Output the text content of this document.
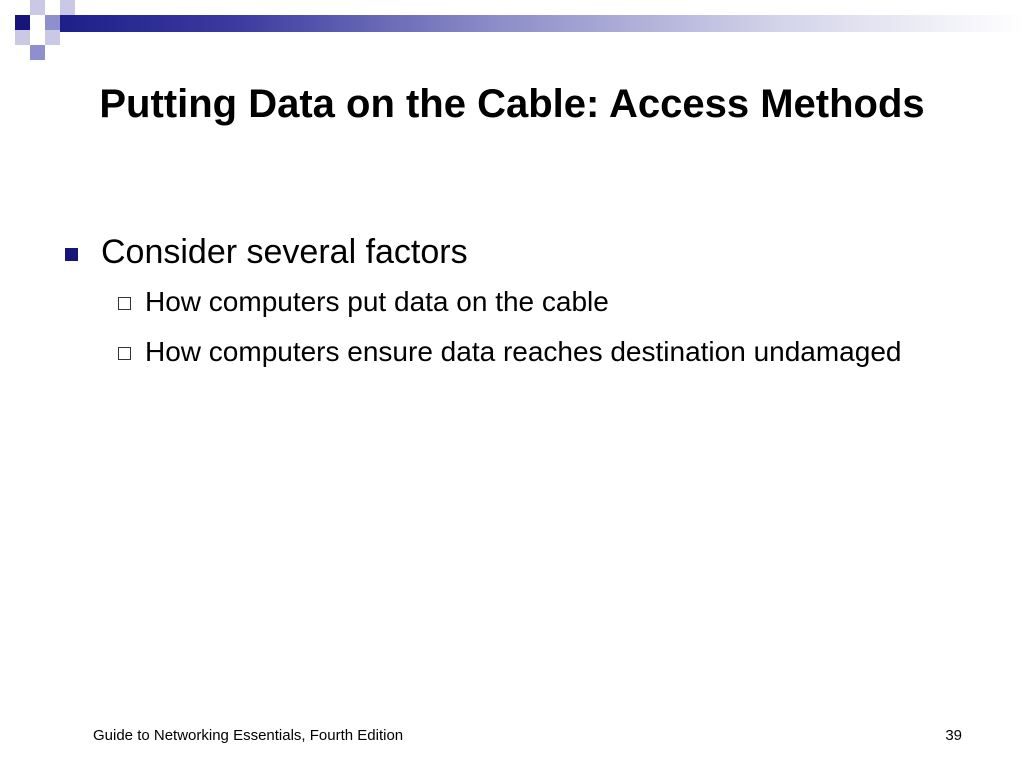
Putting Data on the Cable: Access Methods
Consider several factors
How computers put data on the cable
How computers ensure data reaches destination undamaged
Guide to Networking Essentials, Fourth Edition	39
